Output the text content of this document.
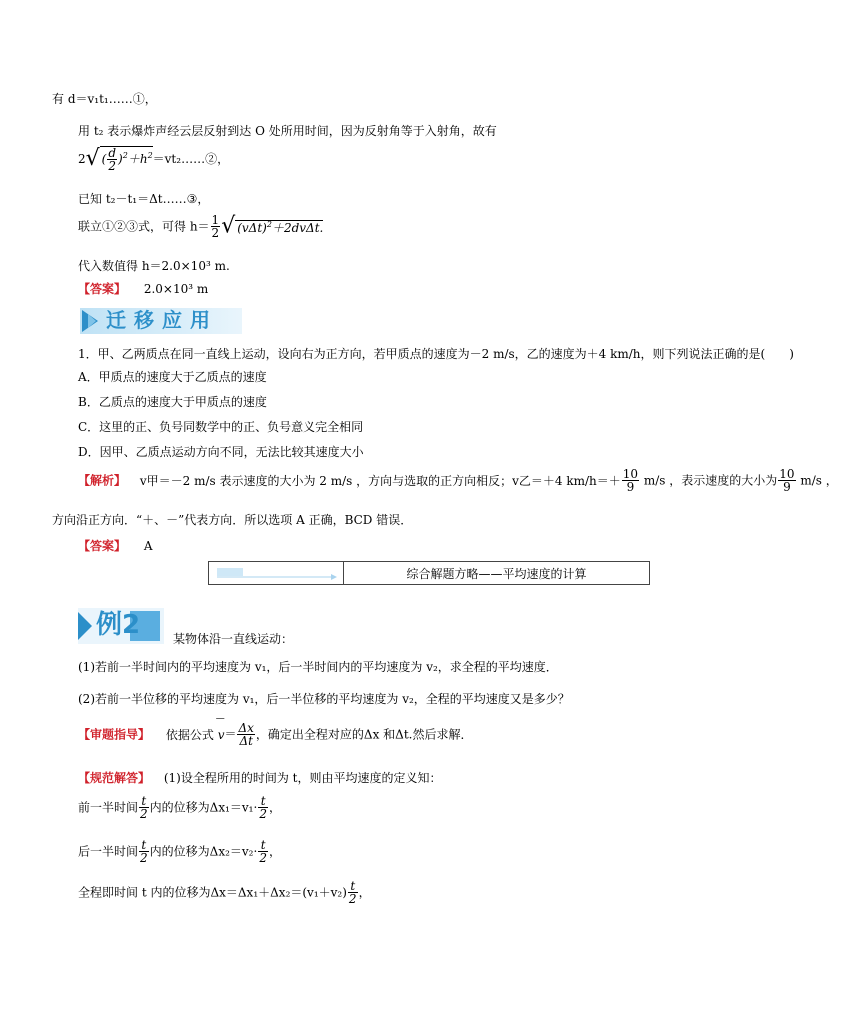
有 d＝v₁t₁……①，
用 t₂ 表示爆炸声经云层反射到达 O 处所用时间，因为反射角等于入射角，故有
2√ ( $\frac{d}{2}$ )$^2+h^2=vt_2\dots\dots ②$，
已知 t₂－t₁＝Δt……③，
联立①②③式，可得 $h= \frac{1}{2}$ √ $(v\Delta t)^2+2dv\Delta t$.
代入数值得 h＝2.0×10³ m.
【答案】 2.0×10³ m
迁移应用
1．甲、乙两质点在同一直线上运动，设向右为正方向，若甲质点的速度为－2 m/s，乙的速度为＋4 km/h，则下列说法正确的是(　　)
A．甲质点的速度大于乙质点的速度
B．乙质点的速度大于甲质点的速度
C．这里的正、负号同数学中的正、负号意义完全相同
D．因甲、乙质点运动方向不同，无法比较其速度大小
【解析】 v甲＝－2 m/s 表示速度的大小为 2 m/s ，方向与选取的正方向相反；v乙＝＋4 $km/h=+ \frac{10}{9} m/s$ ，表示速度的大小为 $\frac{10}{9} m/s$ ，
方向沿正方向．“＋、－”代表方向．所以选项 A 正确，BCD 错误．
【答案】 A
综合解题方略——平均速度的计算
例2	某物体沿一直线运动：
(1)若前一半时间内的平均速度为 v₁，后一半时间内的平均速度为 v₂，求全程的平均速度．
(2)若前一半位移的平均速度为 v₁，后一半位移的平均速度为 v₂，全程的平均速度又是多少？
【审题指导】 依据公式 v
—
＝ $\frac{\Delta x}{\Delta t}$ ，确定出全程对应的Δx 和Δt.然后求解．
【规范解答】 (1)设全程所用的时间为 t，则由平均速度的定义知：
前一半时间 $\frac{t}{2}$ 内的位移为$\Delta x_1=v_1\cdot \frac{t}{2}$ ，
后一半时间 $\frac{t}{2}$ 内的位移为$\Delta x_2=v_2\cdot \frac{t}{2}$ ，
全程即时间 t 内的位移为$\Delta x=\Delta x_1+\Delta x_2=(v_1+v_2) \frac{t}{2}$ ，
